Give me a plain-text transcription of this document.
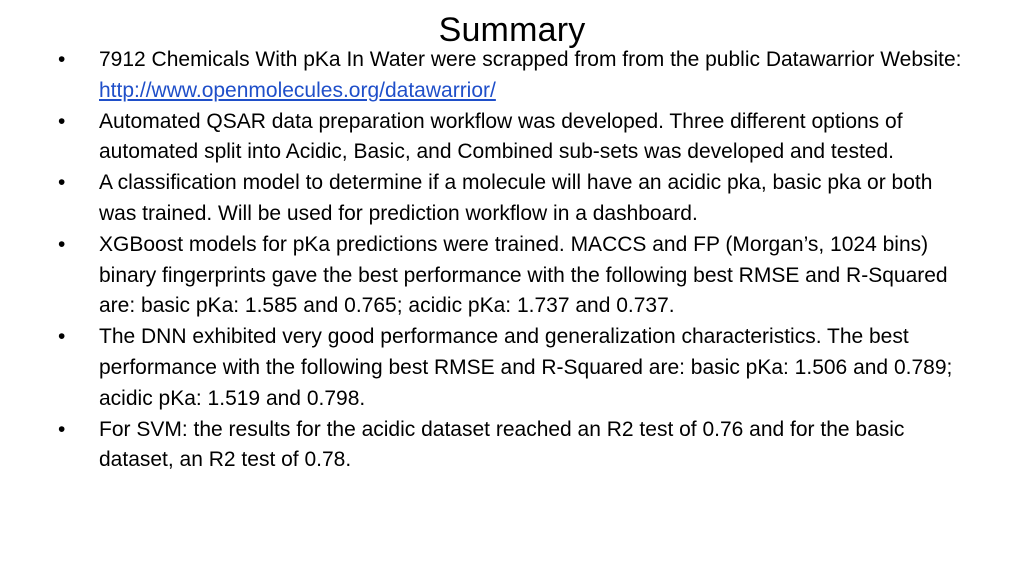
Summary
• 7912 Chemicals With pKa In Water were scrapped from from the public Datawarrior Website: http://www.openmolecules.org/datawarrior/
• Automated QSAR data preparation workflow was developed. Three different options of automated split into Acidic, Basic, and Combined sub-sets was developed and tested.
• A classification model to determine if a molecule will have an acidic pka, basic pka or both was trained. Will be used for prediction workflow in a dashboard.
• XGBoost models for pKa predictions were trained. MACCS and FP (Morgan’s, 1024 bins) binary fingerprints gave the best performance with the following best RMSE and R-Squared are: basic pKa: 1.585 and 0.765; acidic pKa: 1.737 and 0.737.
• The DNN exhibited very good performance and generalization characteristics. The best performance with the following best RMSE and R-Squared are: basic pKa: 1.506 and 0.789; acidic pKa: 1.519 and 0.798.
• For SVM: the results for the acidic dataset reached an R2 test of 0.76 and for the basic dataset, an R2 test of 0.78.
